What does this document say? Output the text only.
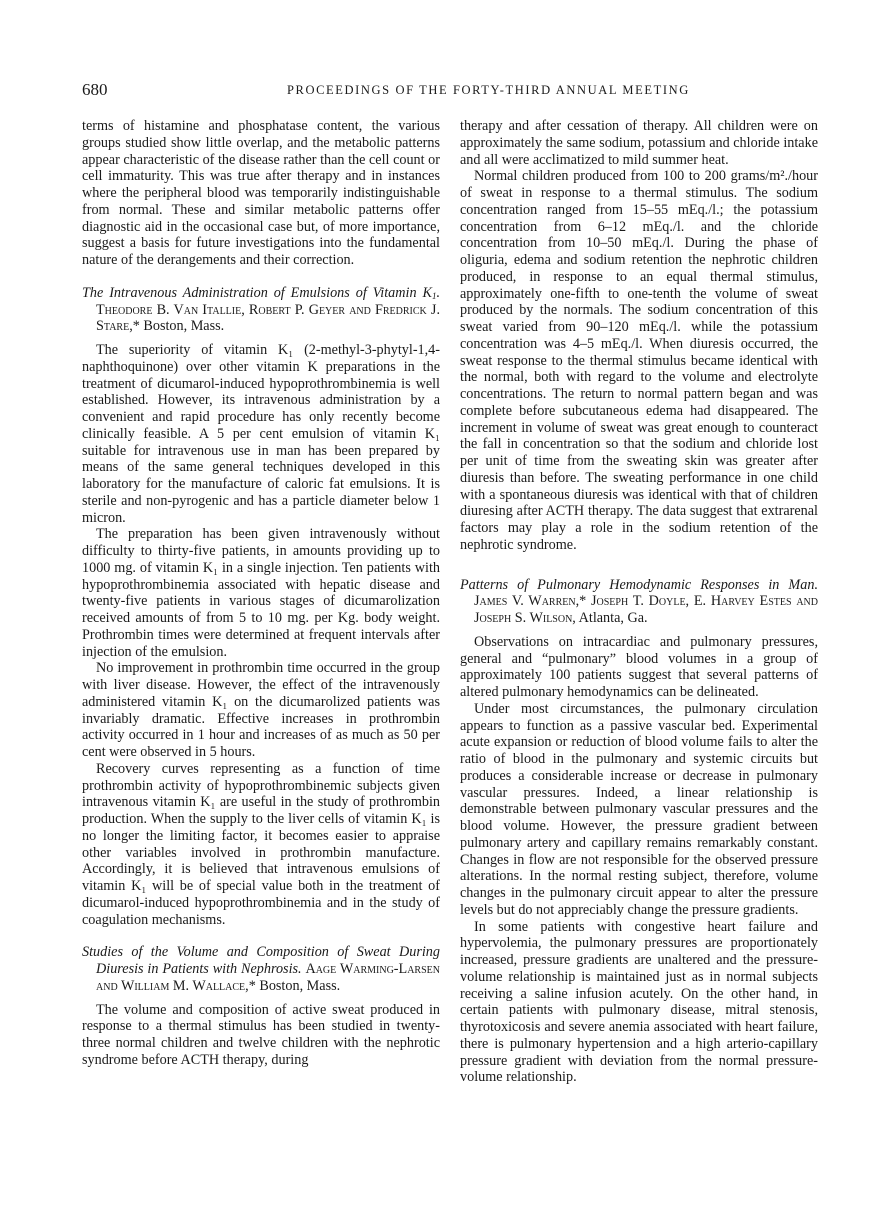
680	PROCEEDINGS OF THE FORTY-THIRD ANNUAL MEETING

terms of histamine and phosphatase content, the various groups studied show little overlap, and the metabolic patterns appear characteristic of the disease rather than the cell count or cell immaturity. This was true after therapy and in instances where the peripheral blood was temporarily indistinguishable from normal. These and similar metabolic patterns offer diagnostic aid in the occasional case but, of more importance, suggest a basis for future investigations into the fundamental nature of the derangements and their correction.

The Intravenous Administration of Emulsions of Vitamin $K_1$. Theodore B. Van Itallie, Robert P. Geyer and Fredrick J. Stare,* Boston, Mass.

The superiority of vitamin K₁ (2-methyl-3-phytyl-1,4-naphthoquinone) over other vitamin K preparations in the treatment of dicumarol-induced hypoprothrombinemia is well established. However, its intravenous administration by a convenient and rapid procedure has only recently become clinically feasible. A 5 per cent emulsion of vitamin K₁ suitable for intravenous use in man has been prepared by means of the same general techniques developed in this laboratory for the manufacture of caloric fat emulsions. It is sterile and non-pyrogenic and has a particle diameter below 1 micron.

The preparation has been given intravenously without difficulty to thirty-five patients, in amounts providing up to 1000 mg. of vitamin K₁ in a single injection. Ten patients with hypoprothrombinemia associated with hepatic disease and twenty-five patients in various stages of dicumarolization received amounts of from 5 to 10 mg. per Kg. body weight. Prothrombin times were determined at frequent intervals after injection of the emulsion.

No improvement in prothrombin time occurred in the group with liver disease. However, the effect of the intravenously administered vitamin K₁ on the dicumarolized patients was invariably dramatic. Effective increases in prothrombin activity occurred in 1 hour and increases of as much as 50 per cent were observed in 5 hours.

Recovery curves representing as a function of time prothrombin activity of hypoprothrombinemic subjects given intravenous vitamin K₁ are useful in the study of prothrombin production. When the supply to the liver cells of vitamin K₁ is no longer the limiting factor, it becomes easier to appraise other variables involved in prothrombin manufacture. Accordingly, it is believed that intravenous emulsions of vitamin K₁ will be of special value both in the treatment of dicumarol-induced hypoprothrombinemia and in the study of coagulation mechanisms.

Studies of the Volume and Composition of Sweat During Diuresis in Patients with Nephrosis. Aage Warming-Larsen and William M. Wallace,* Boston, Mass.

The volume and composition of active sweat produced in response to a thermal stimulus has been studied in twenty-three normal children and twelve children with the nephrotic syndrome before ACTH therapy, during

therapy and after cessation of therapy. All children were on approximately the same sodium, potassium and chloride intake and all were acclimatized to mild summer heat.

Normal children produced from 100 to 200 grams/m²./hour of sweat in response to a thermal stimulus. The sodium concentration ranged from 15–55 mEq./l.; the potassium concentration from 6–12 mEq./l. and the chloride concentration from 10–50 mEq./l. During the phase of oliguria, edema and sodium retention the nephrotic children produced, in response to an equal thermal stimulus, approximately one-fifth to one-tenth the volume of sweat produced by the normals. The sodium concentration of this sweat varied from 90–120 mEq./l. while the potassium concentration was 4–5 mEq./l. When diuresis occurred, the sweat response to the thermal stimulus became identical with the normal, both with regard to the volume and electrolyte concentrations. The return to normal pattern began and was complete before subcutaneous edema had disappeared. The increment in volume of sweat was great enough to counteract the fall in concentration so that the sodium and chloride lost per unit of time from the sweating skin was greater after diuresis than before. The sweating performance in one child with a spontaneous diuresis was identical with that of children diuresing after ACTH therapy. The data suggest that extrarenal factors may play a role in the sodium retention of the nephrotic syndrome.

Patterns of Pulmonary Hemodynamic Responses in Man. James V. Warren,* Joseph T. Doyle, E. Harvey Estes and Joseph S. Wilson, Atlanta, Ga.

Observations on intracardiac and pulmonary pressures, general and “pulmonary” blood volumes in a group of approximately 100 patients suggest that several patterns of altered pulmonary hemodynamics can be delineated.

Under most circumstances, the pulmonary circulation appears to function as a passive vascular bed. Experimental acute expansion or reduction of blood volume fails to alter the ratio of blood in the pulmonary and systemic circuits but produces a considerable increase or decrease in pulmonary vascular pressures. Indeed, a linear relationship is demonstrable between pulmonary vascular pressures and the blood volume. However, the pressure gradient between pulmonary artery and capillary remains remarkably constant. Changes in flow are not responsible for the observed pressure alterations. In the normal resting subject, therefore, volume changes in the pulmonary circuit appear to alter the pressure levels but do not appreciably change the pressure gradients.

In some patients with congestive heart failure and hypervolemia, the pulmonary pressures are proportionately increased, pressure gradients are unaltered and the pressure-volume relationship is maintained just as in normal subjects receiving a saline infusion acutely. On the other hand, in certain patients with pulmonary disease, mitral stenosis, thyrotoxicosis and severe anemia associated with heart failure, there is pulmonary hypertension and a high arterio-capillary pressure gradient with deviation from the normal pressure-volume relationship.
